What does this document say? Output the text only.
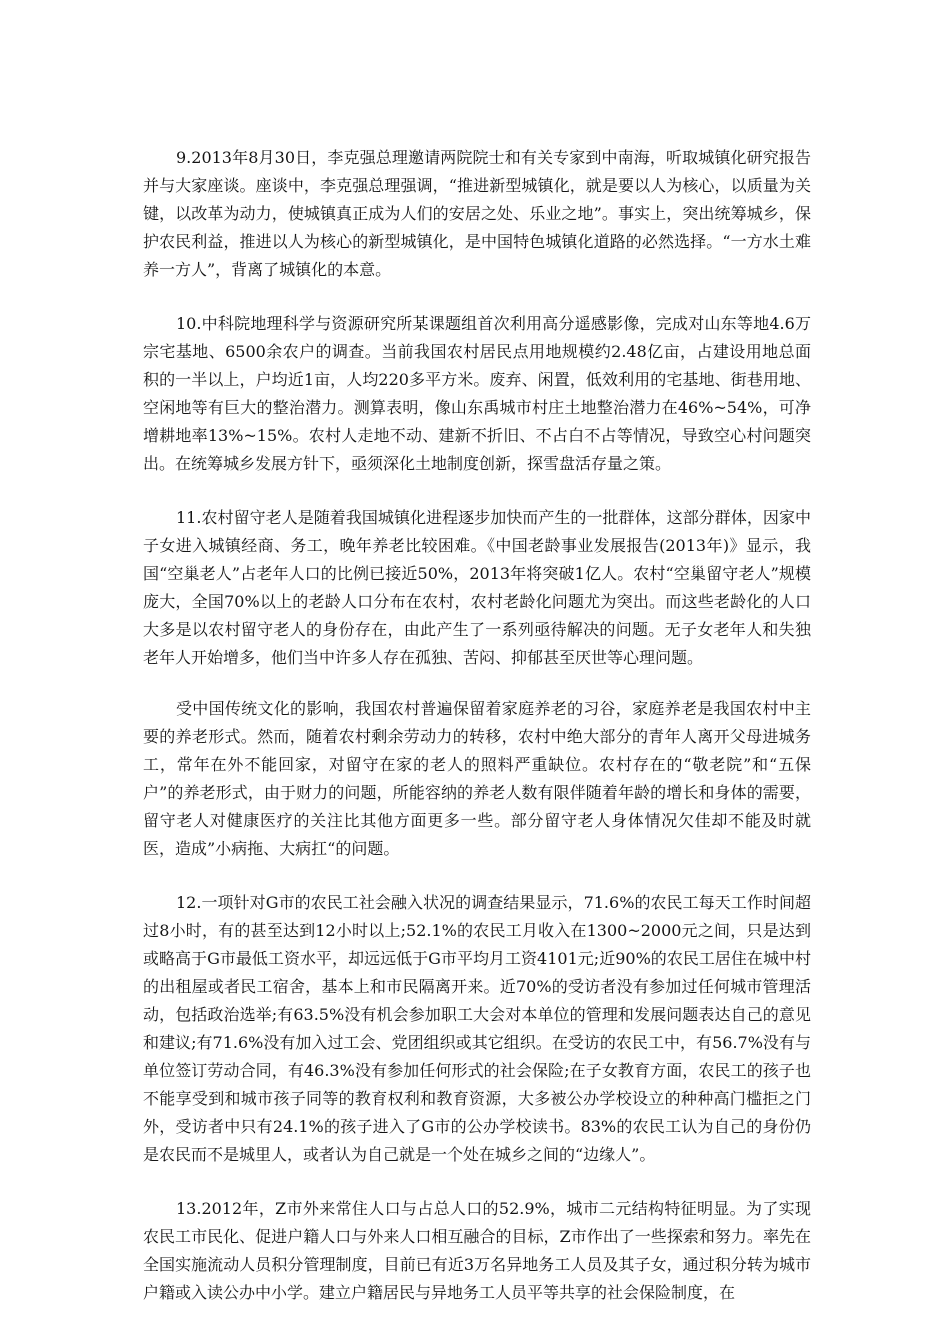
9.2013年8月30日，李克强总理邀请两院院士和有关专家到中南海，听取城镇化研究报告并与大家座谈。座谈中，李克强总理强调，“推进新型城镇化，就是要以人为核心，以质量为关键，以改革为动力，使城镇真正成为人们的安居之处、乐业之地”。事实上，突出统筹城乡，保护农民利益，推进以人为核心的新型城镇化，是中国特色城镇化道路的必然选择。“一方水土难养一方人”，背离了城镇化的本意。

10.中科院地理科学与资源研究所某课题组首次利用高分遥感影像，完成对山东等地4.6万宗宅基地、6500余农户的调查。当前我国农村居民点用地规模约2.48亿亩，占建设用地总面积的一半以上，户均近1亩，人均220多平方米。废弃、闲置，低效利用的宅基地、街巷用地、空闲地等有巨大的整治潜力。测算表明，像山东禹城市村庄土地整治潜力在46%~54%，可净增耕地率13%~15%。农村人走地不动、建新不折旧、不占白不占等情况，导致空心村问题突出。在统筹城乡发展方针下，亟须深化土地制度创新，探雪盘活存量之策。

11.农村留守老人是随着我国城镇化进程逐步加快而产生的一批群体，这部分群体，因家中子女进入城镇经商、务工，晚年养老比较困难。《中国老龄事业发展报告(2013年)》显示，我国“空巢老人”占老年人口的比例已接近50%，2013年将突破1亿人。农村“空巢留守老人”规模庞大，全国70%以上的老龄人口分布在农村，农村老龄化问题尤为突出。而这些老龄化的人口大多是以农村留守老人的身份存在，由此产生了一系列亟待解决的问题。无子女老年人和失独老年人开始增多，他们当中许多人存在孤独、苦闷、抑郁甚至厌世等心理问题。

受中国传统文化的影响，我国农村普遍保留着家庭养老的习谷，家庭养老是我国农村中主要的养老形式。然而，随着农村剩余劳动力的转移，农村中绝大部分的青年人离开父母进城务工，常年在外不能回家，对留守在家的老人的照料严重缺位。农村存在的“敬老院”和“五保户”的养老形式，由于财力的问题，所能容纳的养老人数有限伴随着年龄的增长和身体的需要，留守老人对健康医疗的关注比其他方面更多一些。部分留守老人身体情况欠佳却不能及时就医，造成”小病拖、大病扛“的问题。

12.一项针对G市的农民工社会融入状况的调查结果显示，71.6%的农民工每天工作时间超过8小时，有的甚至达到12小时以上;52.1%的农民工月收入在1300~2000元之间，只是达到或略高于G市最低工资水平，却远远低于G市平均月工资4101元;近90%的农民工居住在城中村的出租屋或者民工宿舍，基本上和市民隔离开来。近70%的受访者没有参加过任何城市管理活动，包括政治选举;有63.5%没有机会参加职工大会对本单位的管理和发展问题表达自己的意见和建议;有71.6%没有加入过工会、党团组织或其它组织。在受访的农民工中，有56.7%没有与单位签订劳动合同，有46.3%没有参加任何形式的社会保险;在子女教育方面，农民工的孩子也不能享受到和城市孩子同等的教育权利和教育资源，大多被公办学校设立的种种高门槛拒之门外，受访者中只有24.1%的孩子进入了G市的公办学校读书。83%的农民工认为自己的身份仍是农民而不是城里人，或者认为自己就是一个处在城乡之间的“边缘人”。

13.2012年，Z市外来常住人口与占总人口的52.9%，城市二元结构特征明显。为了实现农民工市民化、促进户籍人口与外来人口相互融合的目标，Z市作出了一些探索和努力。率先在全国实施流动人员积分管理制度，目前已有近3万名异地务工人员及其子女，通过积分转为城市户籍或入读公办中小学。建立户籍居民与异地务工人员平等共享的社会保险制度，在
